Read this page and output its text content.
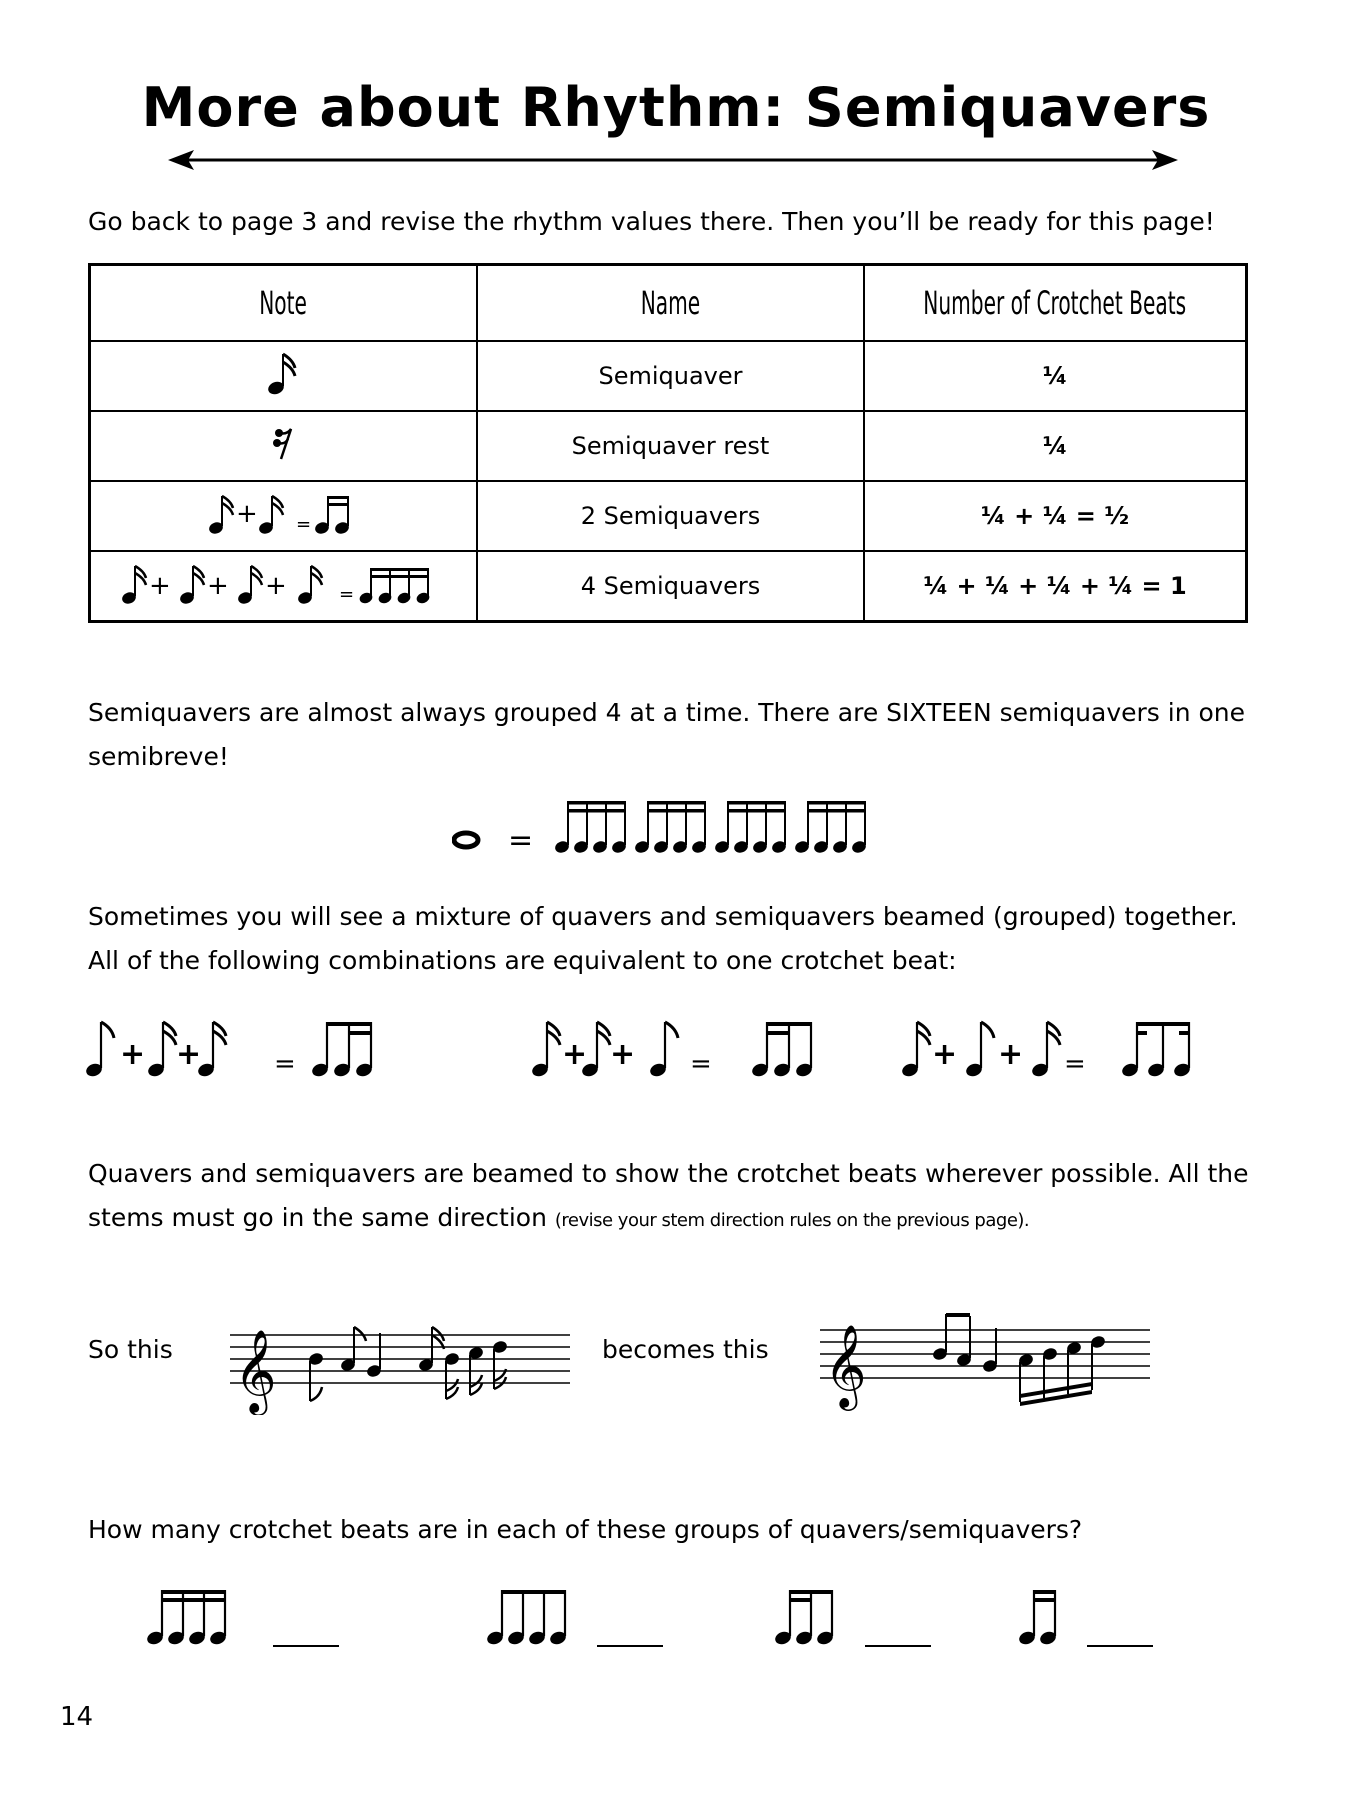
More about Rhythm: Semiquavers
Go back to page 3 and revise the rhythm values there. Then you’ll be ready for this page!
Note	Name	Number of Crotchet Beats
	Semiquaver	¼
	Semiquaver rest	¼

+ =	2 Semiquavers	¼ + ¼ = ½

+ + + =	4 Semiquavers	¼ + ¼ + ¼ + ¼ = 1
Semiquavers are almost always grouped 4 at a time. There are SIXTEEN semiquavers in one
semibreve!
=
Sometimes you will see a mixture of quavers and semiquavers beamed (grouped) together.
All of the following combinations are equivalent to one crotchet beat:
+ +	=	+ + =	+ + =
Quavers and semiquavers are beamed to show the crotchet beats wherever possible. All the
stems must go in the same direction (revise your stem direction rules on the previous page).
So this 𝄞	becomes this 𝄞
How many crotchet beats are in each of these groups of quavers/semiquavers?
14
